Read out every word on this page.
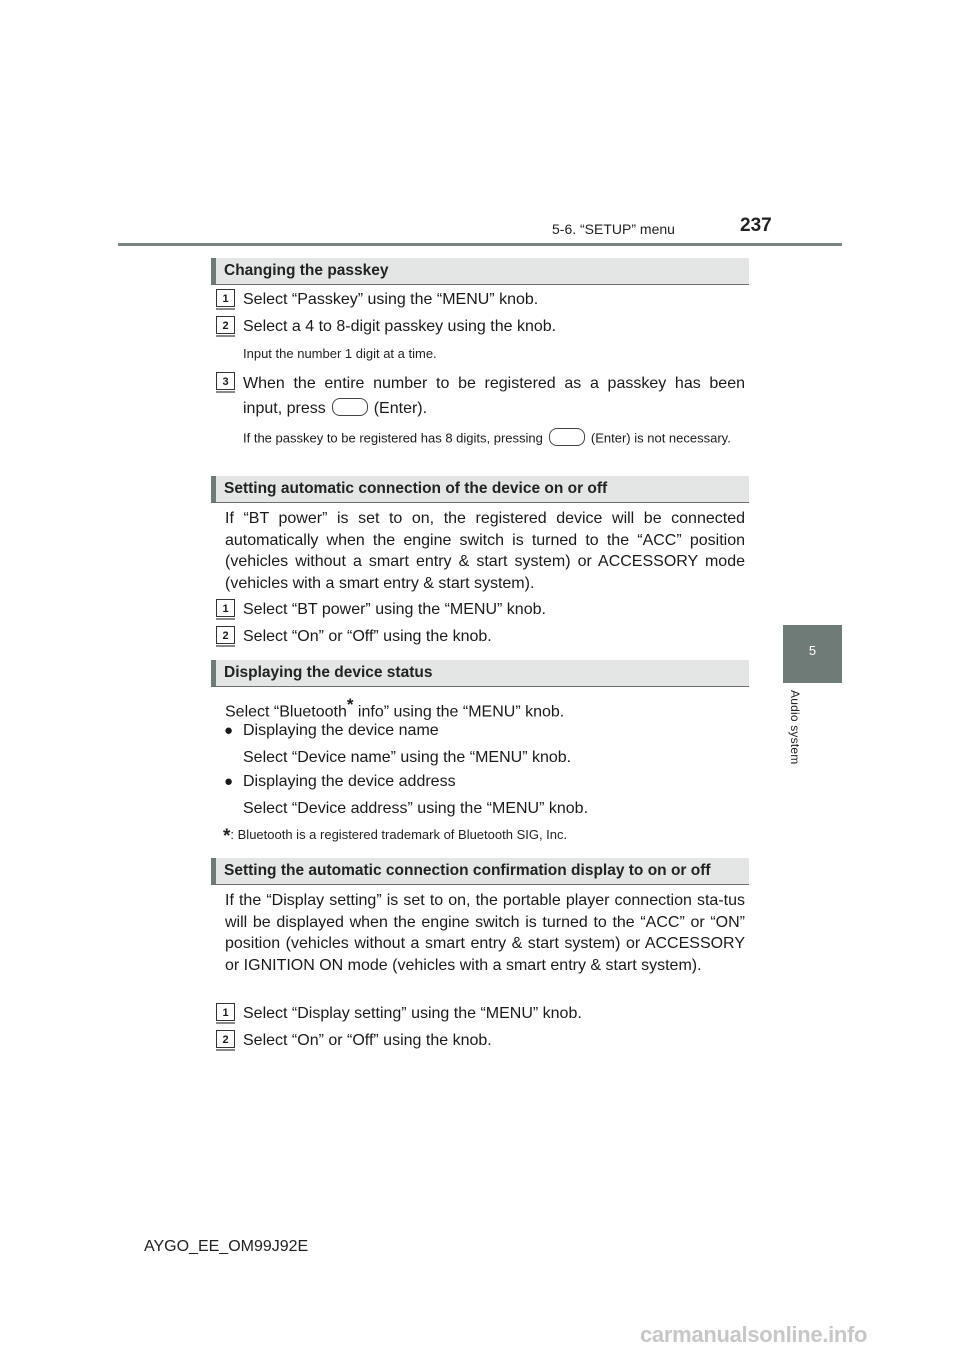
5-6. “SETUP” menu	237
5
Audio system
Changing the passkey
1 Select “Passkey” using the “MENU” knob.
2 Select a 4 to 8-digit passkey using the knob.
Input the number 1 digit at a time.
3 When the entire number to be registered as a passkey has been
input, press	(Enter).
If the passkey to be registered has 8 digits, pressing	(Enter) is not necessary.
Setting automatic connection of the device on or off
If “BT power” is set to on, the registered device will be connected automatically when the engine switch is turned to the “ACC” position (vehicles without a smart entry & start system) or ACCESSORY mode (vehicles with a smart entry & start system).
1 Select “BT power” using the “MENU” knob.
2 Select “On” or “Off” using the knob.
Displaying the device status
Select “Bluetooth* info” using the “MENU” knob.
● Displaying the device name
Select “Device name” using the “MENU” knob.
● Displaying the device address
Select “Device address” using the “MENU” knob.
*: Bluetooth is a registered trademark of Bluetooth SIG, Inc.
Setting the automatic connection confirmation display to on or off
If the “Display setting” is set to on, the portable player connection sta-tus will be displayed when the engine switch is turned to the “ACC” or “ON” position (vehicles without a smart entry & start system) or ACCESSORY or IGNITION ON mode (vehicles with a smart entry & start system).
1 Select “Display setting” using the “MENU” knob.
2 Select “On” or “Off” using the knob.
AYGO_EE_OM99J92E
carmanualsonline.info
